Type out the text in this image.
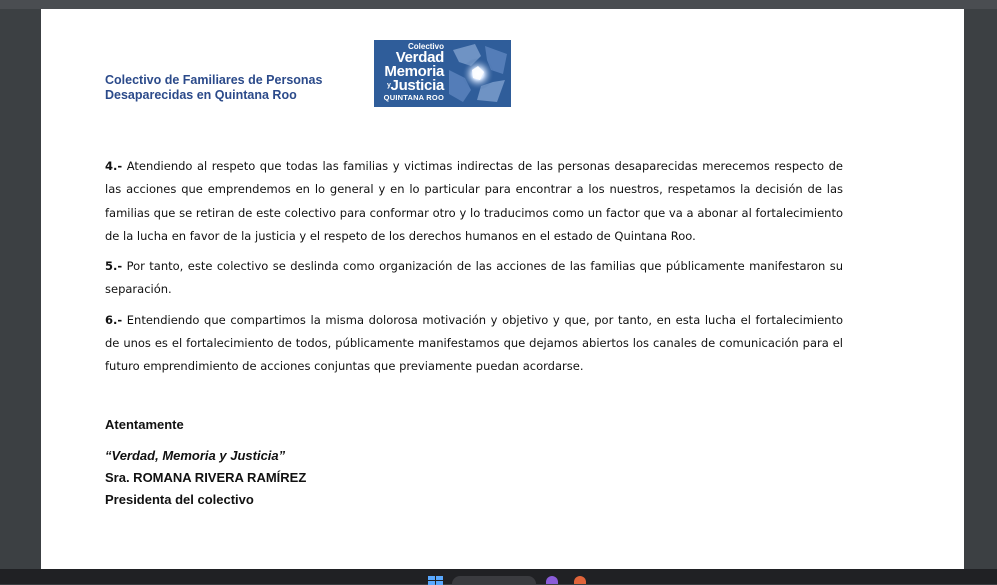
Colectivo de Familiares de Personas
Desaparecidas en Quintana Roo
Colectivo
Verdad
Memoria
$^y$Justicia
QUINTANA ROO

4.- Atendiendo al respeto que todas las familias y victimas indirectas de las personas desaparecidas merecemos respecto de las acciones que emprendemos en lo general y en lo particular para encontrar a los nuestros, respetamos la decisión de las familias que se retiran de este colectivo para conformar otro y lo traducimos como un factor que va a abonar al fortalecimiento de la lucha en favor de la justicia y el respeto de los derechos humanos en el estado de Quintana Roo.

5.- Por tanto, este colectivo se deslinda como organización de las acciones de las familias que públicamente manifestaron su separación.

6.- Entendiendo que compartimos la misma dolorosa motivación y objetivo y que, por tanto, en esta lucha el fortalecimiento de unos es el fortalecimiento de todos, públicamente manifestamos que dejamos abiertos los canales de comunicación para el futuro emprendimiento de acciones conjuntas que previamente puedan acordarse.

Atentamente
“Verdad, Memoria y Justicia”
Sra. ROMANA RIVERA RAMÍREZ
Presidenta del colectivo
